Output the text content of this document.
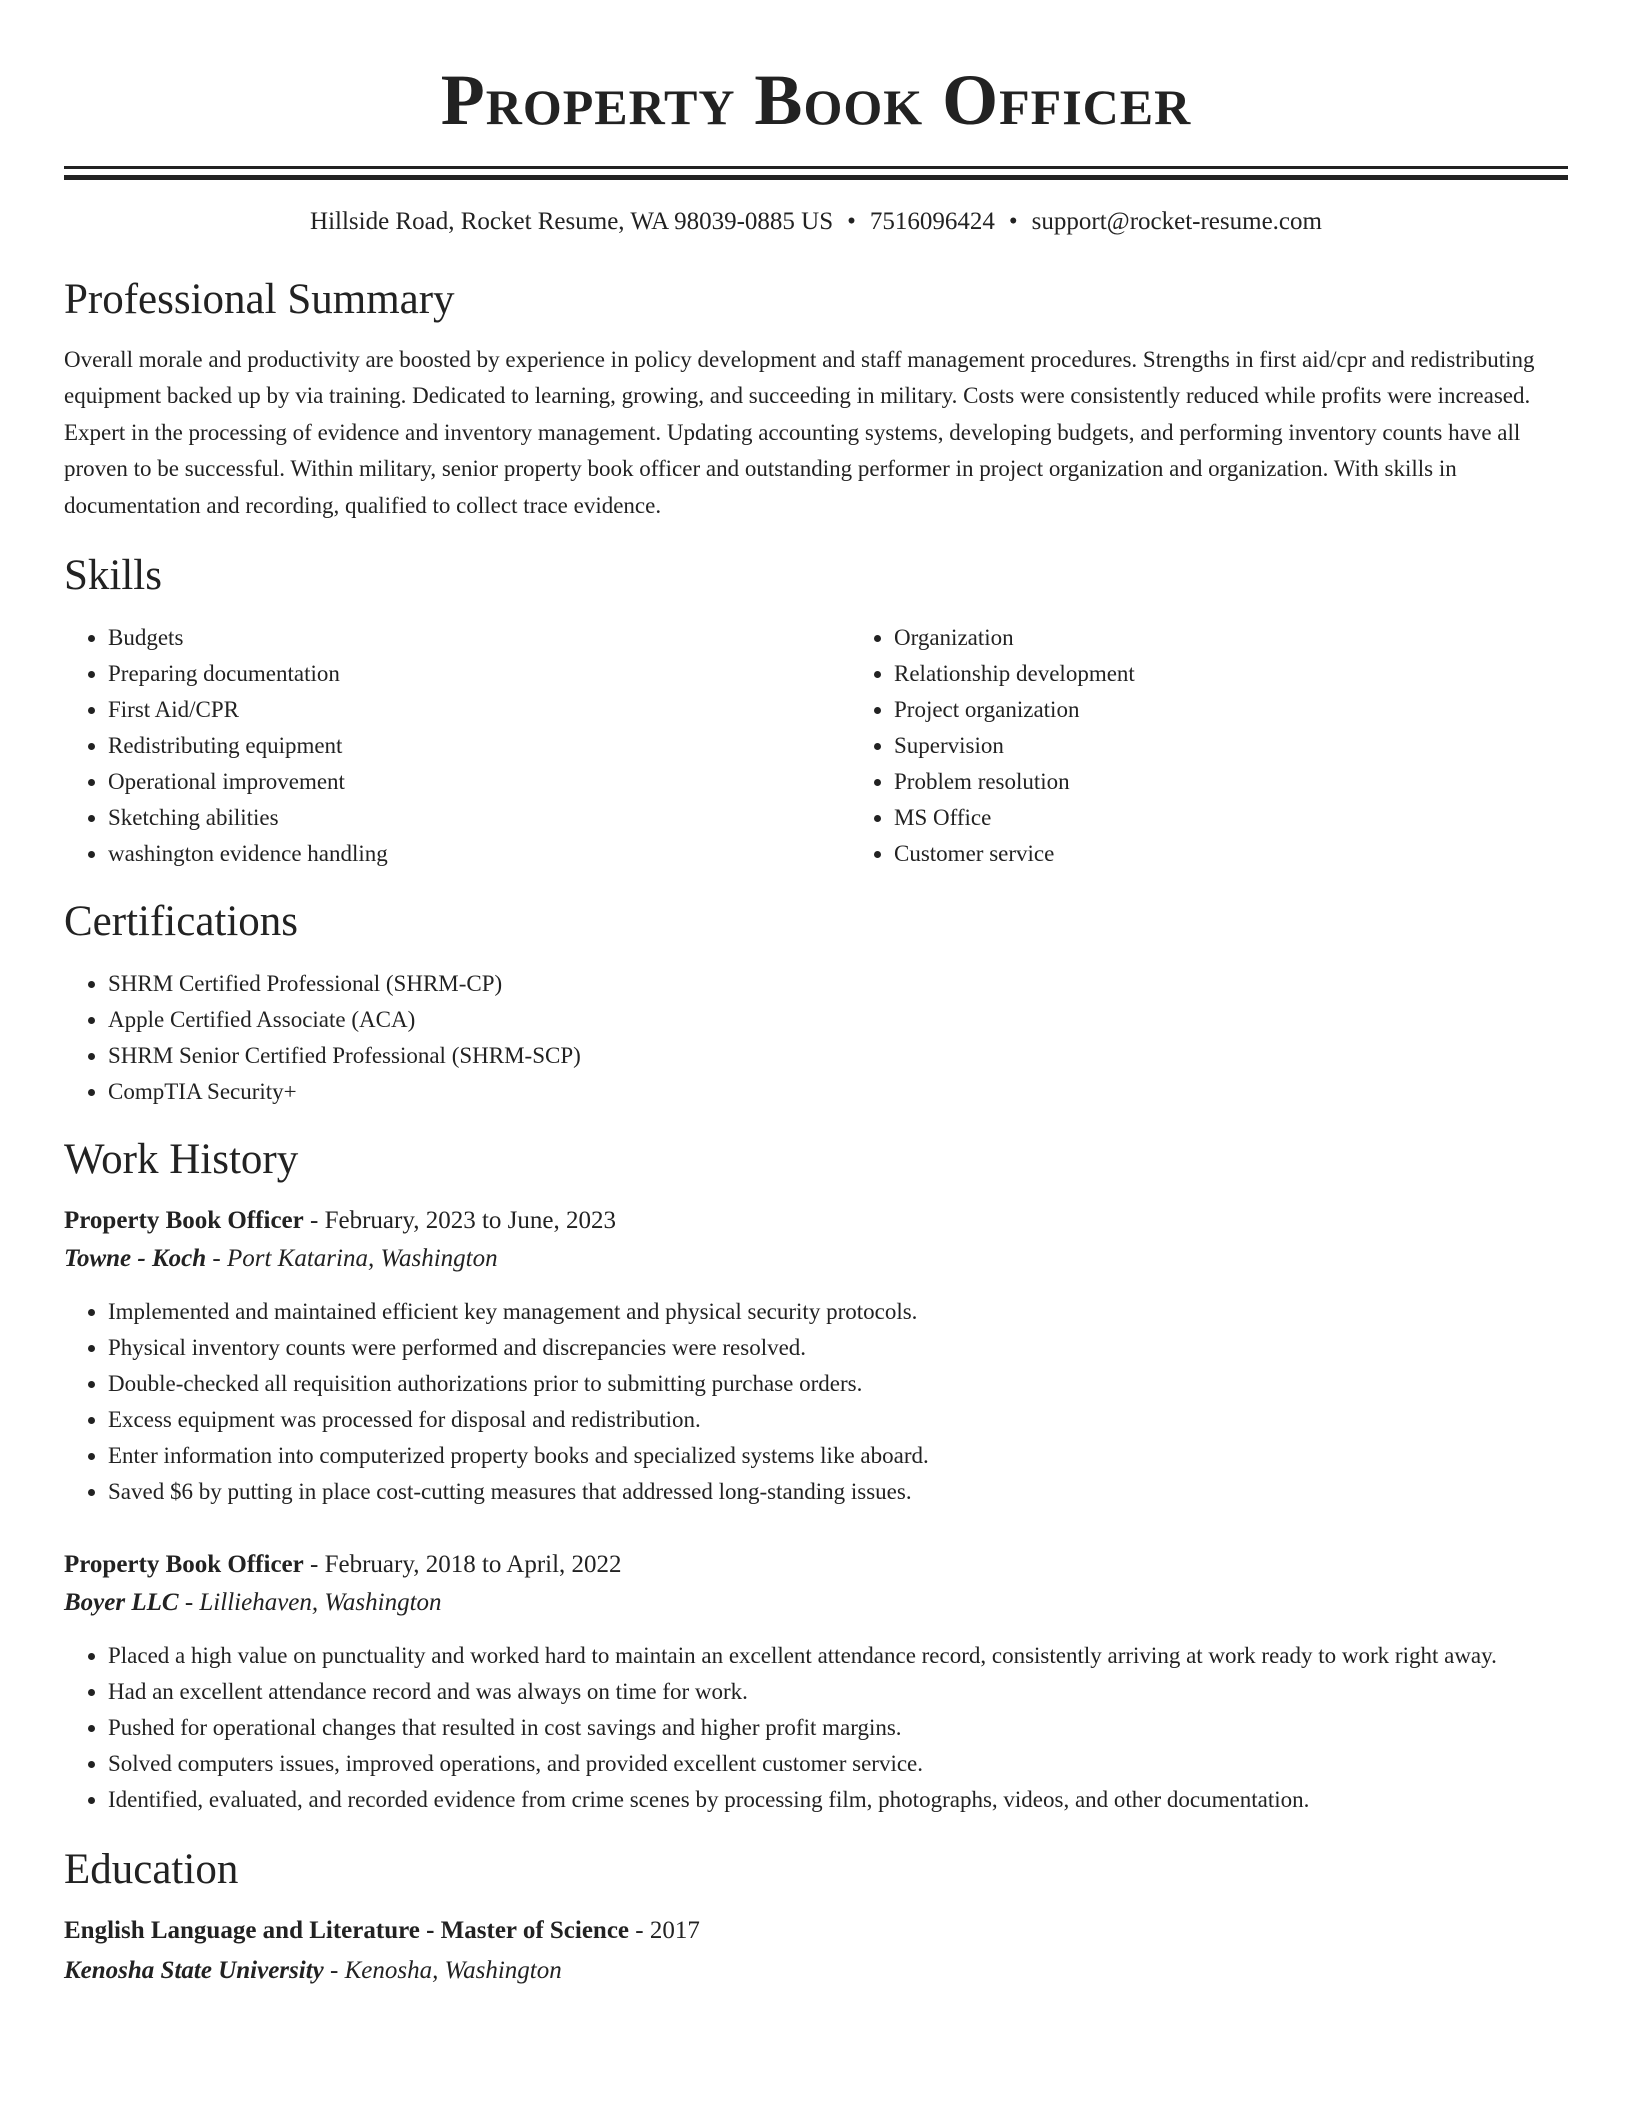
Property Book Officer
Hillside Road, Rocket Resume, WA 98039-0885 US • 7516096424 • support@rocket-resume.com
Professional Summary

Overall morale and productivity are boosted by experience in policy development and staff management procedures. Strengths in first aid/cpr and redistributing equipment backed up by via training. Dedicated to learning, growing, and succeeding in military. Costs were consistently reduced while profits were increased. Expert in the processing of evidence and inventory management. Updating accounting systems, developing budgets, and performing inventory counts have all proven to be successful. Within military, senior property book officer and outstanding performer in project organization and organization. With skills in documentation and recording, qualified to collect trace evidence.

Skills
• Budgets
• Preparing documentation
• First Aid/CPR
• Redistributing equipment
• Operational improvement
• Sketching abilities
• washington evidence handling
• Organization
• Relationship development
• Project organization
• Supervision
• Problem resolution
• MS Office
• Customer service
Certifications
• SHRM Certified Professional (SHRM-CP)
• Apple Certified Associate (ACA)
• SHRM Senior Certified Professional (SHRM-SCP)
• CompTIA Security+
Work History
Property Book Officer - February, 2023 to June, 2023
Towne - Koch - Port Katarina, Washington
• Implemented and maintained efficient key management and physical security protocols.
• Physical inventory counts were performed and discrepancies were resolved.
• Double-checked all requisition authorizations prior to submitting purchase orders.
• Excess equipment was processed for disposal and redistribution.
• Enter information into computerized property books and specialized systems like aboard.
• Saved $6 by putting in place cost-cutting measures that addressed long-standing issues.
Property Book Officer - February, 2018 to April, 2022
Boyer LLC - Lilliehaven, Washington
• Placed a high value on punctuality and worked hard to maintain an excellent attendance record, consistently arriving at work ready to work right away.
• Had an excellent attendance record and was always on time for work.
• Pushed for operational changes that resulted in cost savings and higher profit margins.
• Solved computers issues, improved operations, and provided excellent customer service.
• Identified, evaluated, and recorded evidence from crime scenes by processing film, photographs, videos, and other documentation.
Education
English Language and Literature - Master of Science - 2017
Kenosha State University - Kenosha, Washington
